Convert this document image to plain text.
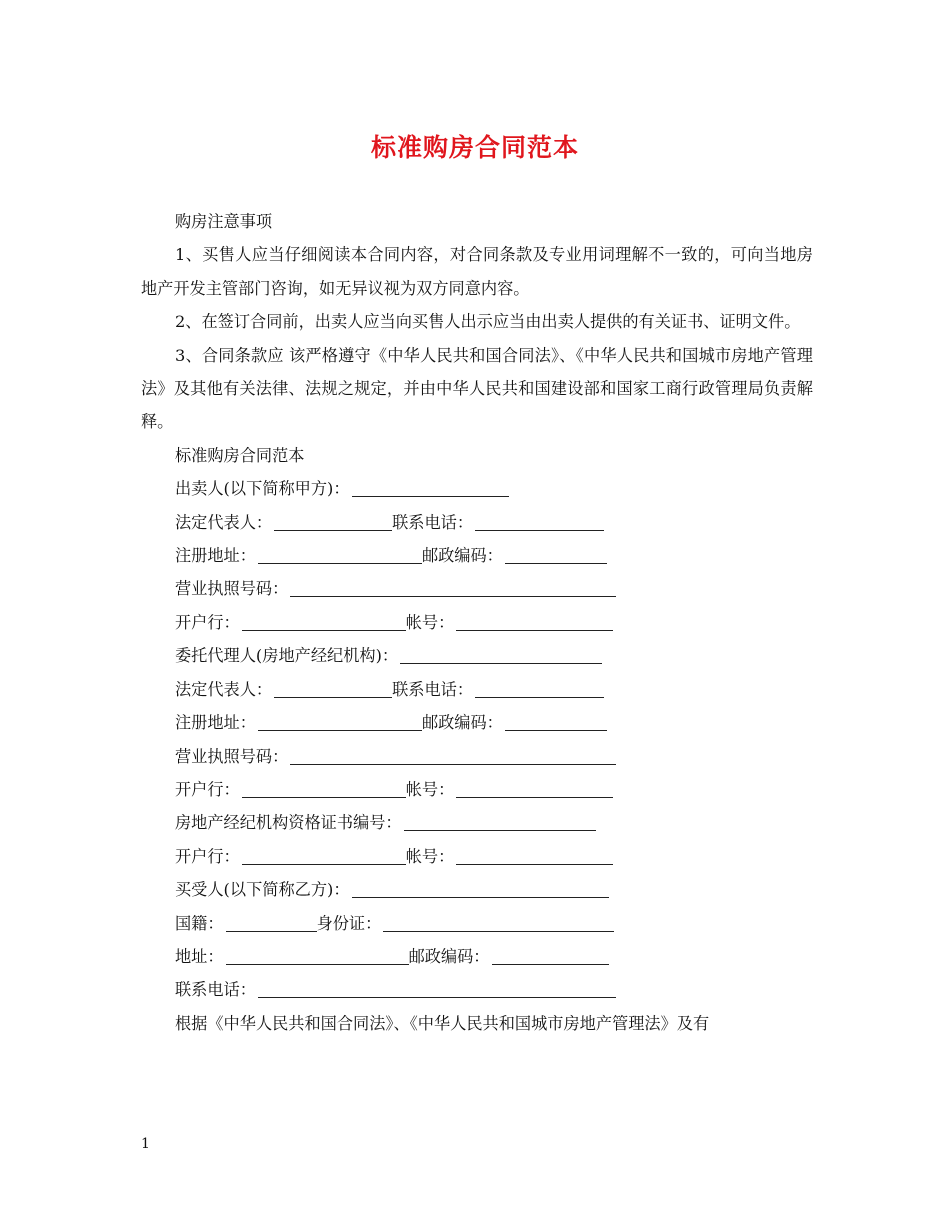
标准购房合同范本

购房注意事项

1、买售人应当仔细阅读本合同内容，对合同条款及专业用词理解不一致的，可向当地房地产开发主管部门咨询，如无异议视为双方同意内容。

2、在签订合同前，出卖人应当向买售人出示应当由出卖人提供的有关证书、证明文件。

3、合同条款应 该严格遵守《中华人民共和国合同法》、《中华人民共和国城市房地产管理法》及其他有关法律、法规之规定，并由中华人民共和国建设部和国家工商行政管理局负责解释。

标准购房合同范本

出卖人(以下简称甲方)：

法定代表人：	联系电话：

注册地址：	邮政编码：

营业执照号码：

开户行：	帐号：

委托代理人(房地产经纪机构)：

法定代表人：	联系电话：

注册地址：	邮政编码：

营业执照号码：

开户行：	帐号：

房地产经纪机构资格证书编号：

开户行：	帐号：

买受人(以下简称乙方)：

国籍：	身份证：

地址：	邮政编码：

联系电话：

根据《中华人民共和国合同法》、《中华人民共和国城市房地产管理法》及有

1
